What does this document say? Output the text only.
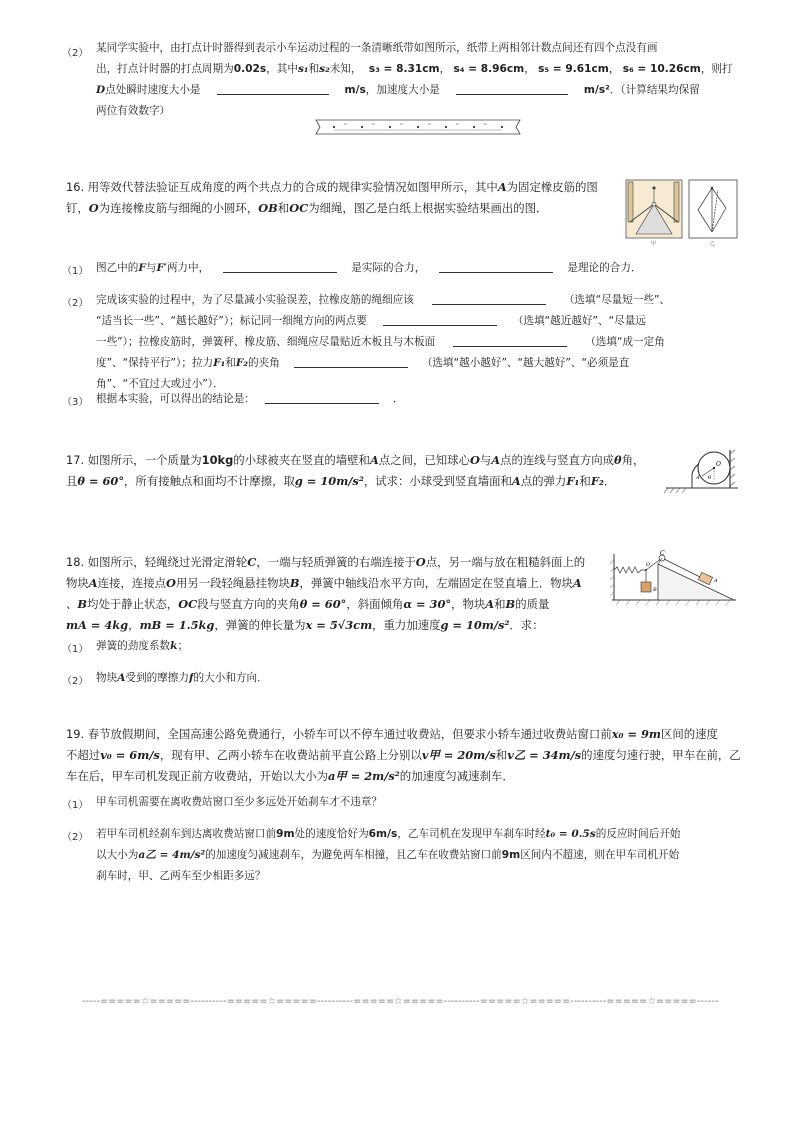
（2） 某同学实验中，由打点计时器得到表示小车运动过程的一条清晰纸带如图所示，纸带上两相邻计数点间还有四个点没有画
出，打点计时器的打点周期为0.02s，其中s₁和s₂未知， s₃ = 8.31cm， s₄ = 8.96cm， s₅ = 9.61cm， s₆ = 10.26cm，则打
D点处瞬时速度大小是	m/s，加速度大小是	m/s²．（计算结果均保留
两位有效数字）
s₁	s₂	s₃	s₄	s₅	s₆
16. 用等效代替法验证互成角度的两个共点力的合成的规律实验情况如图甲所示，其中A为固定橡皮筋的图
钉，O为连接橡皮筋与细绳的小圆环，OB和OC为细绳，图乙是白纸上根据实验结果画出的图．
甲	乙
（1） 图乙中的F与F′两力中，	是实际的合力，	是理论的合力．
（2） 完成该实验的过程中，为了尽量减小实验误差，拉橡皮筋的绳细应该	（选填“尽量短一些”、
“适当长一些”、“越长越好”）；标记同一细绳方向的两点要	（选填“越近越好”、“尽量远
一些”）；拉橡皮筋时，弹簧秤、橡皮筋、细绳应尽量贴近木板且与木板面	（选填“成一定角
度”、“保持平行”）；拉力F₁和F₂的夹角	（选填“越小越好”、“越大越好”、“必须是直
角”、“不宜过大或过小”）．
（3） 根据本实验，可以得出的结论是：	．
17. 如图所示，一个质量为10kg的小球被夹在竖直的墙壁和A点之间，已知球心O与A点的连线与竖直方向成θ角，
且θ = 60°，所有接触点和面均不计摩擦，取g = 10m/s²，试求：小球受到竖直墙面和A点的弹力F₁和F₂．
O
θ
A
18. 如图所示，轻绳绕过光滑定滑轮C，一端与轻质弹簧的右端连接于O点，另一端与放在粗糙斜面上的
物块A连接，连接点O用另一段轻绳悬挂物块B，弹簧中轴线沿水平方向，左端固定在竖直墙上．物块A
、B均处于静止状态，OC段与竖直方向的夹角θ = 60°，斜面倾角α = 30°，物块A和B的质量
mA = 4kg，mB = 1.5kg，弹簧的伸长量为x = 5√3cm，重力加速度g = 10m/s²．求：
C
O
B
A
（1） 弹簧的劲度系数k；
（2） 物块A受到的摩擦力f的大小和方向．
19. 春节放假期间，全国高速公路免费通行，小轿车可以不停车通过收费站，但要求小轿车通过收费站窗口前x₀ = 9m区间的速度
不超过v₀ = 6m/s，现有甲、乙两小轿车在收费站前平直公路上分别以v甲 = 20m/s和v乙 = 34m/s的速度匀速行驶，甲车在前，乙
车在后，甲车司机发现正前方收费站，开始以大小为a甲 = 2m/s²的加速度匀减速刹车．
（1） 甲车司机需要在离收费站窗口至少多远处开始刹车才不违章？
（2） 若甲车司机经刹车到达离收费站窗口前9m处的速度恰好为6m/s，乙车司机在发现甲车刹车时经t₀ = 0.5s的反应时间后开始
以大小为a乙 = 4m/s²的加速度匀减速刹车，为避免两车相撞，且乙车在收费站窗口前9m区间内不超速，则在甲车司机开始
刹车时，甲、乙两车至少相距多远？
-----=====☆=====----------=====☆=====----------=====☆=====----------=====☆=====----------=====☆=====------
